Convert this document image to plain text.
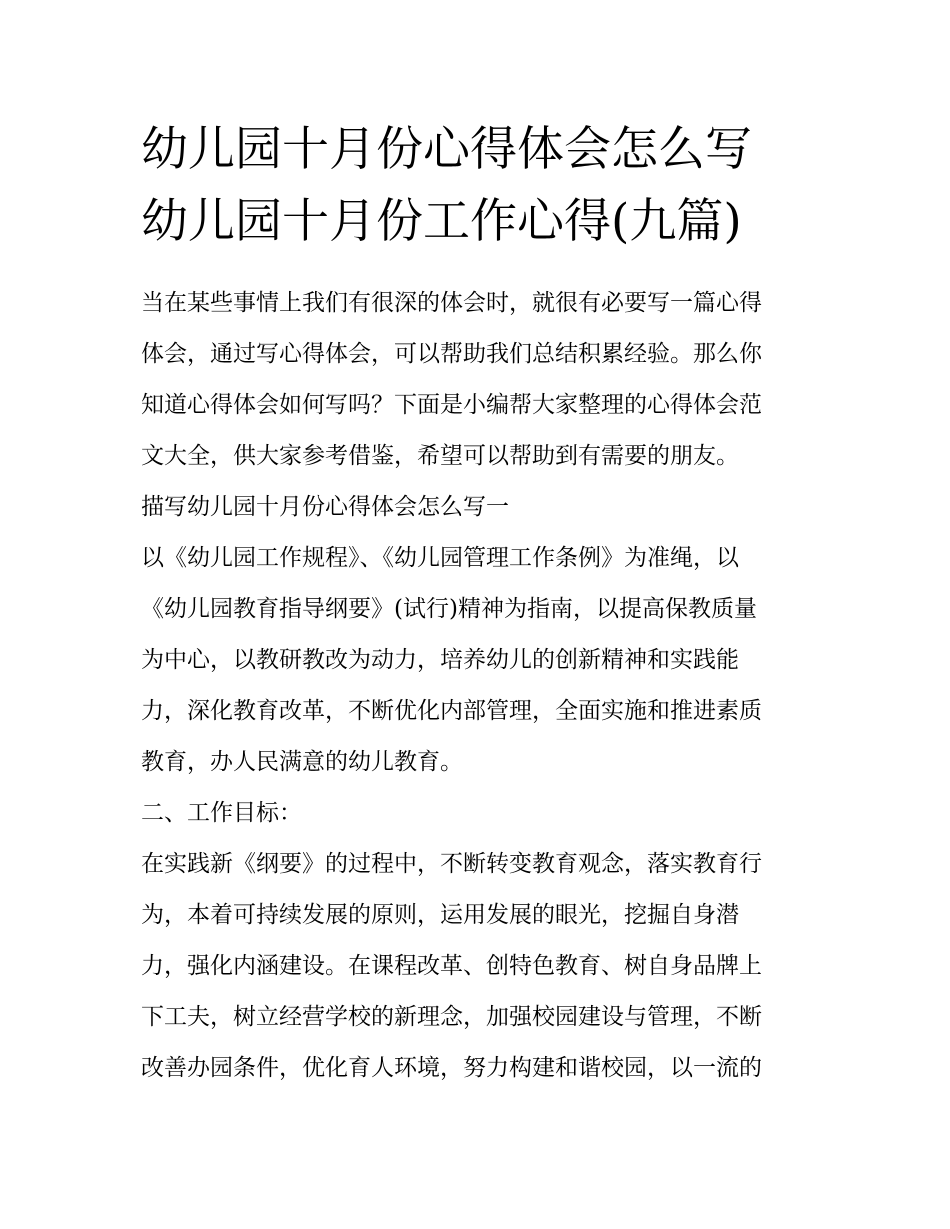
幼儿园十月份心得体会怎么写
幼儿园十月份工作心得(九篇)
当在某些事情上我们有很深的体会时，就很有必要写一篇心得
体会，通过写心得体会，可以帮助我们总结积累经验。那么你
知道心得体会如何写吗？下面是小编帮大家整理的心得体会范
文大全，供大家参考借鉴，希望可以帮助到有需要的朋友。
描写幼儿园十月份心得体会怎么写一
以《幼儿园工作规程》、《幼儿园管理工作条例》为准绳，以
《幼儿园教育指导纲要》(试行)精神为指南，以提高保教质量
为中心，以教研教改为动力，培养幼儿的创新精神和实践能
力，深化教育改革，不断优化内部管理，全面实施和推进素质
教育，办人民满意的幼儿教育。
二、工作目标：
在实践新《纲要》的过程中，不断转变教育观念，落实教育行
为，本着可持续发展的原则，运用发展的眼光，挖掘自身潜
力，强化内涵建设。在课程改革、创特色教育、树自身品牌上
下工夫，树立经营学校的新理念，加强校园建设与管理，不断
改善办园条件，优化育人环境，努力构建和谐校园，以一流的
